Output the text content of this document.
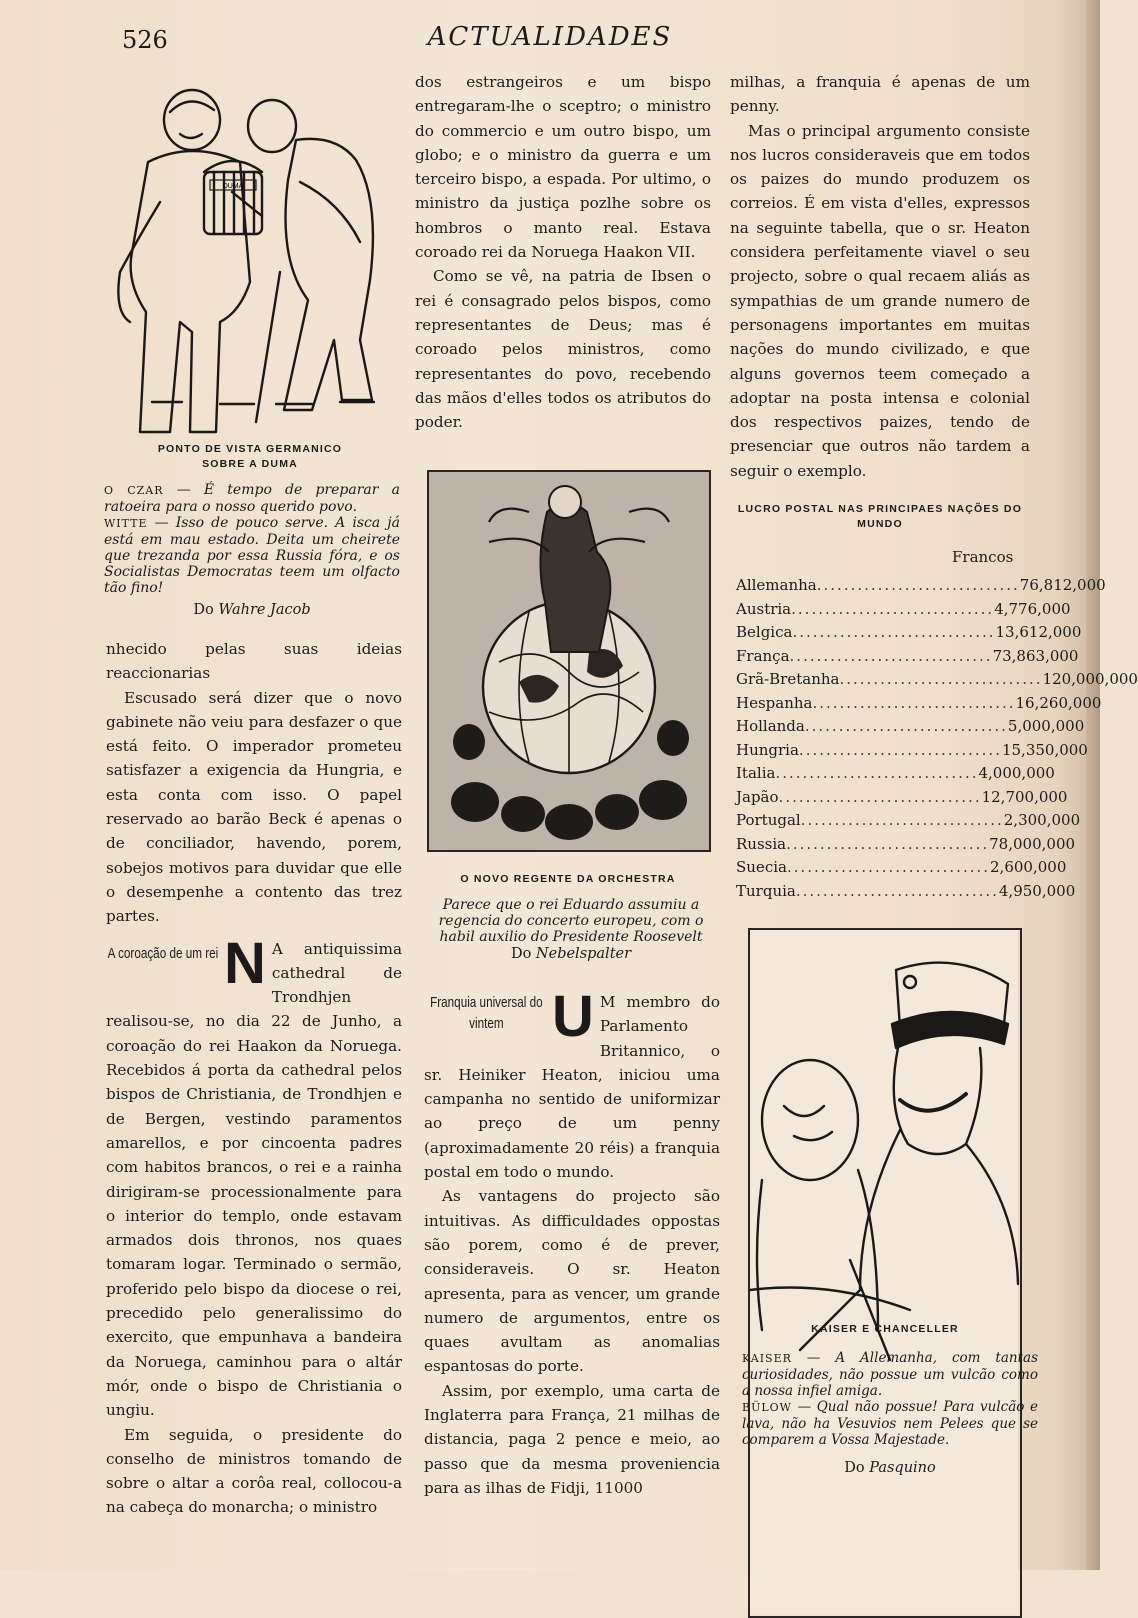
526	ACTUALIDADES
DUMA
PONTO DE VISTA GERMANICO SOBRE A DUMA
O CZAR — É tempo de preparar a ratoeira para o nosso querido povo.
WITTE — Isso de pouco serve. A isca já está em mau estado. Deita um cheirete que trezanda por essa Russia fóra, e os Socialistas Democratas teem um olfacto tão fino!
Do Wahre Jacob

nhecido pelas suas ideias reaccionarias

Escusado será dizer que o novo gabinete não veiu para desfazer o que está feito. O imperador prometeu satisfazer a exigencia da Hungria, e esta conta com isso. O papel reservado ao barão Beck é apenas o de conciliador, havendo, porem, sobejos motivos para duvidar que elle o desempenhe a contento das trez partes.

A coroação de um rei N A antiquissima cathedral de Trondhjen realisou-se, no dia 22 de Junho, a coroação do rei Haakon da Noruega. Recebidos á porta da cathedral pelos bispos de Christiania, de Trondhjen e de Bergen, vestindo paramentos amarellos, e por cincoenta padres com habitos brancos, o rei e a rainha dirigiram-se processionalmente para o interior do templo, onde estavam armados dois thronos, nos quaes tomaram logar. Terminado o sermão, proferido pelo bispo da diocese o rei, precedido pelo generalissimo do exercito, que empunhava a bandeira da Noruega, caminhou para o altár mór, onde o bispo de Christiania o ungiu.

Em seguida, o presidente do conselho de ministros tomando de sobre o altar a corôa real, collocou-a na cabeça do monarcha; o ministro

dos estrangeiros e um bispo entregaram-lhe o sceptro; o ministro do commercio e um outro bispo, um globo; e o ministro da guerra e um terceiro bispo, a espada. Por ultimo, o ministro da justiça pozlhe sobre os hombros o manto real. Estava coroado rei da Noruega Haakon VII.

Como se vê, na patria de Ibsen o rei é consagrado pelos bispos, como representantes de Deus; mas é coroado pelos ministros, como representantes do povo, recebendo das mãos d'elles todos os atributos do poder.

O NOVO REGENTE DA ORCHESTRA
Parece que o rei Eduardo assumiu a regencia do concerto europeu, com o habil auxilio do Presidente Roosevelt
Do Nebelspalter
Franquia universal do vintem U M membro do Parlamento Britannico, o sr. Heiniker Heaton, iniciou uma campanha no sentido de uniformizar ao preço de um penny (aproximadamente 20 réis) a franquia postal em todo o mundo.

As vantagens do projecto são intuitivas. As difficuldades oppostas são porem, como é de prever, consideraveis. O sr. Heaton apresenta, para as vencer, um grande numero de argumentos, entre os quaes avultam as anomalias espantosas do porte.

Assim, por exemplo, uma carta de Inglaterra para França, 21 milhas de distancia, paga 2 pence e meio, ao passo que da mesma proveniencia para as ilhas de Fidji, 11000

milhas, a franquia é apenas de um penny.

Mas o principal argumento consiste nos lucros consideraveis que em todos os paizes do mundo produzem os correios. É em vista d'elles, expressos na seguinte tabella, que o sr. Heaton considera perfeitamente viavel o seu projecto, sobre o qual recaem aliás as sympathias de um grande numero de personagens importantes em muitas nações do mundo civilizado, e que alguns governos teem começado a adoptar na posta intensa e colonial dos respectivos paizes, tendo de presenciar que outros não tardem a seguir o exemplo.

LUCRO POSTAL NAS PRINCIPAES NAÇÕES DO MUNDO
Francos
Allemanha .............................. 76,812,000
Austria .............................. 4,776,000
Belgica .............................. 13,612,000
França .............................. 73,863,000
Grã-Bretanha .............................. 120,000,000
Hespanha .............................. 16,260,000
Hollanda .............................. 5,000,000
Hungria .............................. 15,350,000
Italia .............................. 4,000,000
Japão .............................. 12,700,000
Portugal .............................. 2,300,000
Russia .............................. 78,000,000
Suecia .............................. 2,600,000
Turquia .............................. 4,950,000
KAISER E CHANCELLER
KAISER — A Allemanha, com tantas curiosidades, não possue um vulcão como a nossa infiel amiga.
BÜLOW — Qual não possue! Para vulcão e lava, não ha Vesuvios nem Pelees que se comparem a Vossa Majestade.
Do Pasquino
